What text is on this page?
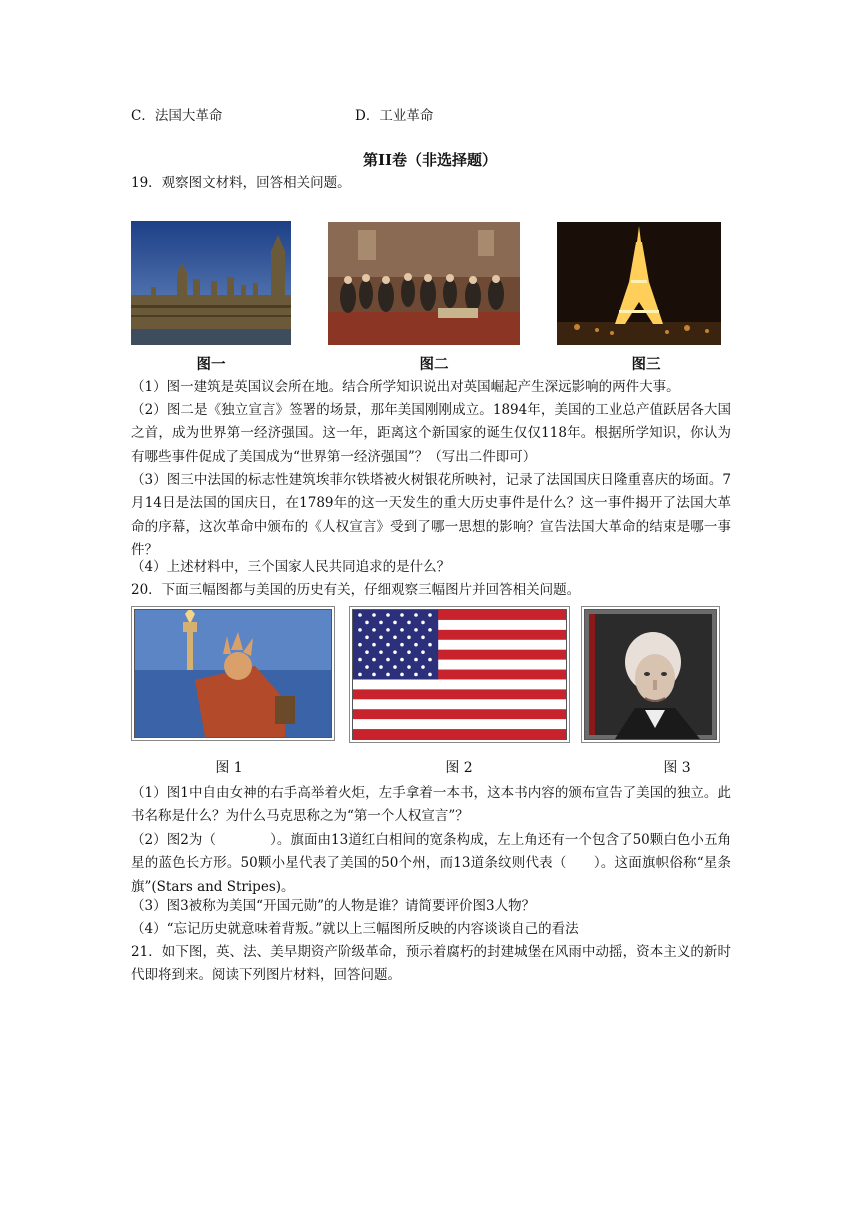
C．法国大革命	D．工业革命
第II卷（非选择题）
19．观察图文材料，回答相关问题。
图一	图二	图三
（1）图一建筑是英国议会所在地。结合所学知识说出对英国崛起产生深远影响的两件大事。
（2）图二是《独立宣言》签署的场景，那年美国刚刚成立。1894年，美国的工业总产值跃居各大国之首，成为世界第一经济强国。这一年，距离这个新国家的诞生仅仅118年。根据所学知识，你认为有哪些事件促成了美国成为“世界第一经济强国”？（写出二件即可）
（3）图三中法国的标志性建筑埃菲尔铁塔被火树银花所映衬，记录了法国国庆日隆重喜庆的场面。7月14日是法国的国庆日，在1789年的这一天发生的重大历史事件是什么？这一事件揭开了法国大革命的序幕，这次革命中颁布的《人权宣言》受到了哪一思想的影响？宣告法国大革命的结束是哪一事件？
（4）上述材料中，三个国家人民共同追求的是什么？
20．下面三幅图都与美国的历史有关，仔细观察三幅图片并回答相关问题。
图 1	图 2	图 3
（1）图1中自由女神的右手高举着火炬，左手拿着一本书，这本书内容的颁布宣告了美国的独立。此书名称是什么？为什么马克思称之为“第一个人权宣言”？
（2）图2为（　　　　）。旗面由13道红白相间的宽条构成，左上角还有一个包含了50颗白色小五角星的蓝色长方形。50颗小星代表了美国的50个州，而13道条纹则代表（　　）。这面旗帜俗称“星条旗”(Stars and Stripes)。
（3）图3被称为美国“开国元勋”的人物是谁？请简要评价图3人物？
（4）“忘记历史就意味着背叛。”就以上三幅图所反映的内容谈谈自己的看法
21．如下图，英、法、美早期资产阶级革命，预示着腐朽的封建城堡在风雨中动摇，资本主义的新时代即将到来。阅读下列图片材料，回答问题。
